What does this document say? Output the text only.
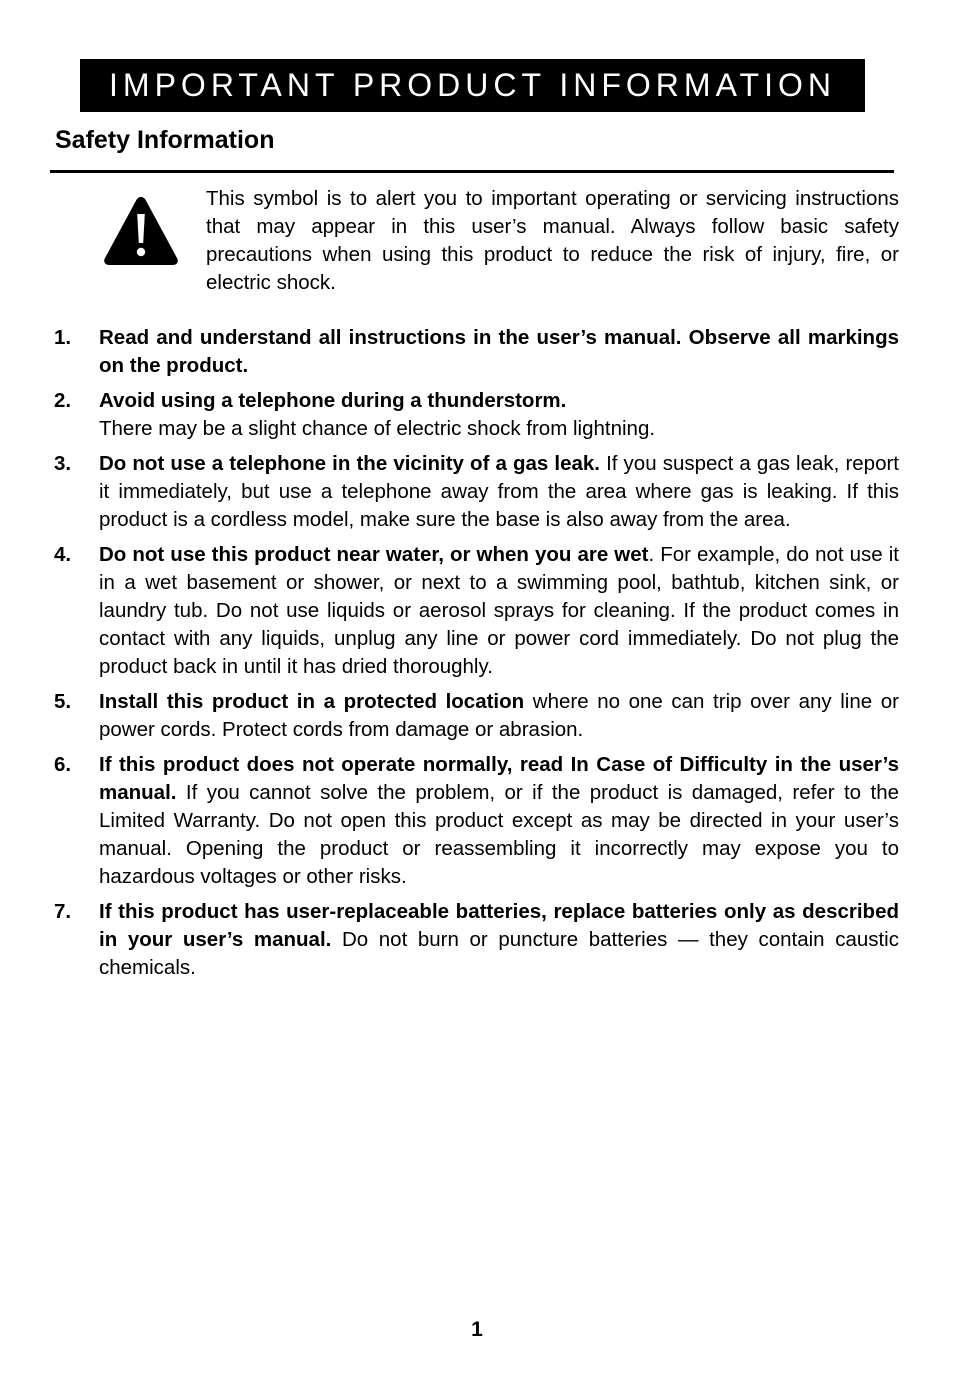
IMPORTANT PRODUCT INFORMATION
Safety Information

This symbol is to alert you to important operating or servicing instructions that may appear in this user’s manual. Always follow basic safety precautions when using this product to reduce the risk of injury, fire, or electric shock.

1. Read and understand all instructions in the user’s manual. Observe all markings on the product.
2. Avoid using a telephone during a thunderstorm.
There may be a slight chance of electric shock from lightning.
3. Do not use a telephone in the vicinity of a gas leak. If you suspect a gas leak, report it immediately, but use a telephone away from the area where gas is leaking. If this product is a cordless model, make sure the base is also away from the area.
4. Do not use this product near water, or when you are wet. For example, do not use it in a wet basement or shower, or next to a swimming pool, bathtub, kitchen sink, or laundry tub. Do not use liquids or aerosol sprays for cleaning. If the product comes in contact with any liquids, unplug any line or power cord immediately. Do not plug the product back in until it has dried thoroughly.
5. Install this product in a protected location where no one can trip over any line or power cords. Protect cords from damage or abrasion.
6. If this product does not operate normally, read In Case of Difficulty in the user’s manual. If you cannot solve the problem, or if the product is damaged, refer to the Limited Warranty. Do not open this product except as may be directed in your user’s manual. Opening the product or reassembling it incorrectly may expose you to hazardous voltages or other risks.
7. If this product has user-replaceable batteries, replace batteries only as described in your user’s manual. Do not burn or puncture batteries — they contain caustic chemicals.
1
